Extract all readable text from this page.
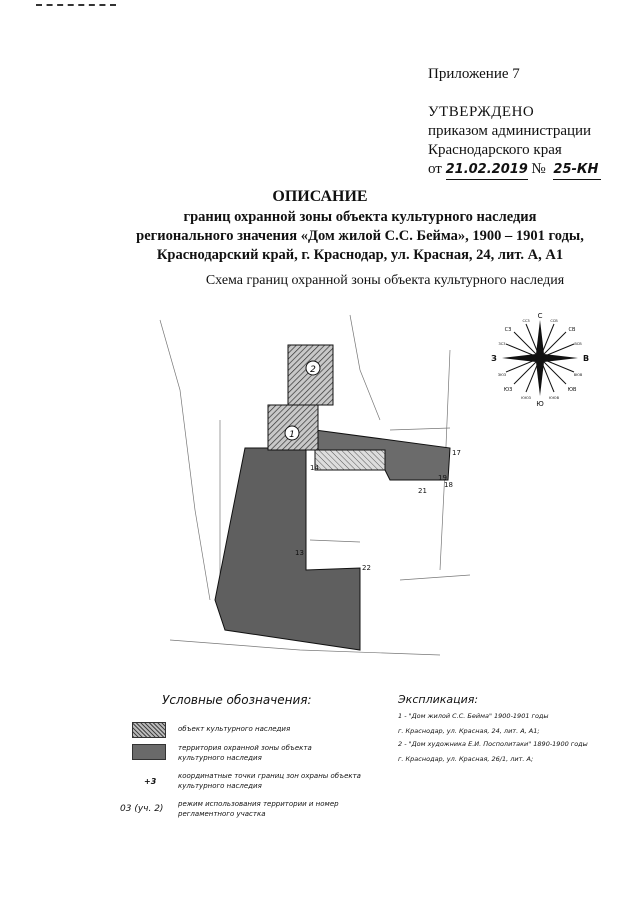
Приложение 7
УТВЕРЖДЕНО
приказом администрации
Краснодарского края
от 21.02.2019 № 25-КН
ОПИСАНИЕ
границ охранной зоны объекта культурного наследия
регионального значения «Дом жилой С.С. Бейма», 1900 – 1901 годы,
Краснодарский край, г. Краснодар, ул. Красная, 24, лит. А, А1
Схема границ охранной зоны объекта культурного наследия
1
2
14
17
18
19
21
22
13
С
Ю
В
З
СЗ	СВ
ЮЗ	ЮВ
ССЗ	ССВ
ЮЮЗ	ЮЮВ
ЗСЗ	ВСВ
ЗЮЗ	ВЮВ
Условные обозначения:
объект культурного наследия
территория охранной зоны объекта
культурного наследия
+3
координатные точки границ зон охраны объекта
культурного наследия
03 (уч. 2) режим использования территории и номер
регламентного участка
Экспликация:
1 - "Дом жилой С.С. Бейма" 1900-1901 годы
г. Краснодар, ул. Красная, 24, лит. А, А1;
2 - "Дом художника Е.И. Посполитаки" 1890-1900 годы
г. Краснодар, ул. Красная, 26/1, лит. А;
